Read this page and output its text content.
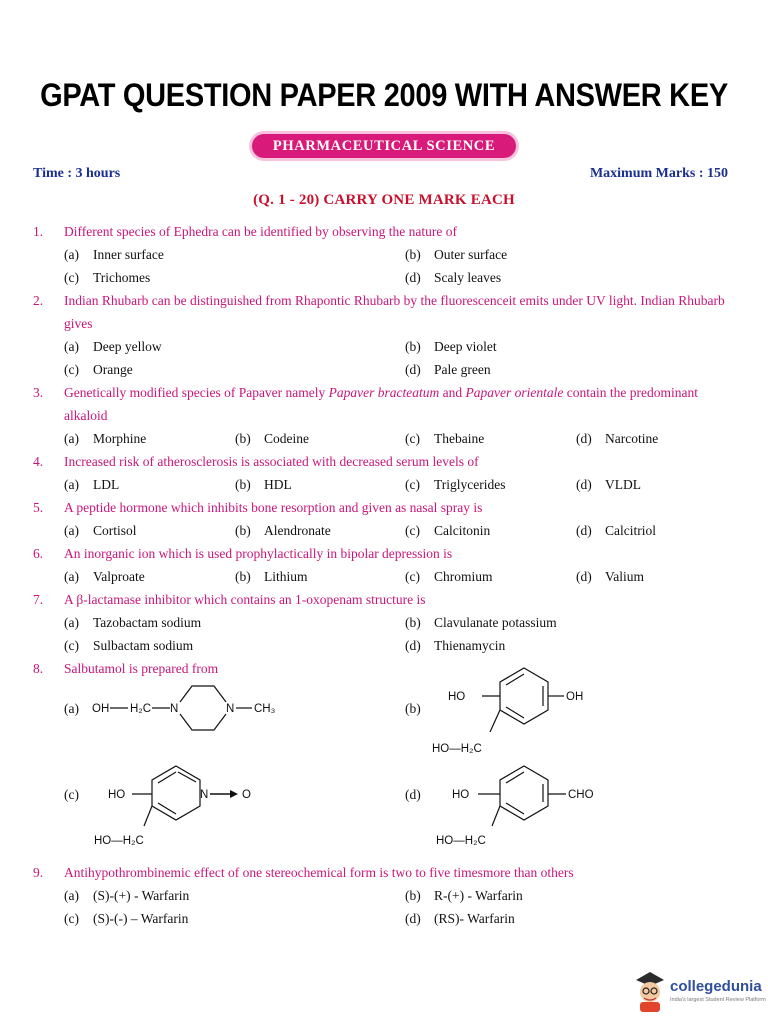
GPAT QUESTION PAPER 2009 WITH ANSWER KEY
PHARMACEUTICAL SCIENCE
Time : 3 hours	Maximum Marks : 150
(Q. 1 - 20) CARRY ONE MARK EACH
1. Different species of Ephedra can be identified by observing the nature of
(a) Inner surface	(b) Outer surface
(c) Trichomes	(d) Scaly leaves
2. Indian Rhubarb can be distinguished from Rhapontic Rhubarb by the fluorescenceit emits under UV light. Indian Rhubarb gives
(a) Deep yellow	(b) Deep violet
(c) Orange	(d) Pale green
3. Genetically modified species of Papaver namely Papaver bracteatum and Papaver orientale contain the predominant alkaloid
(a) Morphine	(b) Codeine	(c) Thebaine	(d) Narcotine
4. Increased risk of atherosclerosis is associated with decreased serum levels of
(a) LDL	(b) HDL	(c) Triglycerides	(d) VLDL
5. A peptide hormone which inhibits bone resorption and given as nasal spray is
(a) Cortisol	(b) Alendronate	(c) Calcitonin	(d) Calcitriol
6. An inorganic ion which is used prophylactically in bipolar depression is
(a) Valproate	(b) Lithium	(c) Chromium	(d) Valium
7. A β-lactamase inhibitor which contains an 1-oxopenam structure is
(a) Tazobactam sodium	(b) Clavulanate potassium
(c) Sulbactam sodium	(d) Thienamycin
8. Salbutamol is prepared from
(a) OH H₂C N	N CH₃	(b)
HO	OH
HO—H₂C
(c)	N	O
HO
HO—H₂C
(d)	HO	CHO
HO—H₂C
9. Antihypothrombinemic effect of one stereochemical form is two to five timesmore than others
(a) (S)-(+) - Warfarin	(b) R-(+) - Warfarin
(c) (S)-(-) – Warfarin	(d) (RS)- Warfarin
collegedunia
India's largest Student Review Platform
